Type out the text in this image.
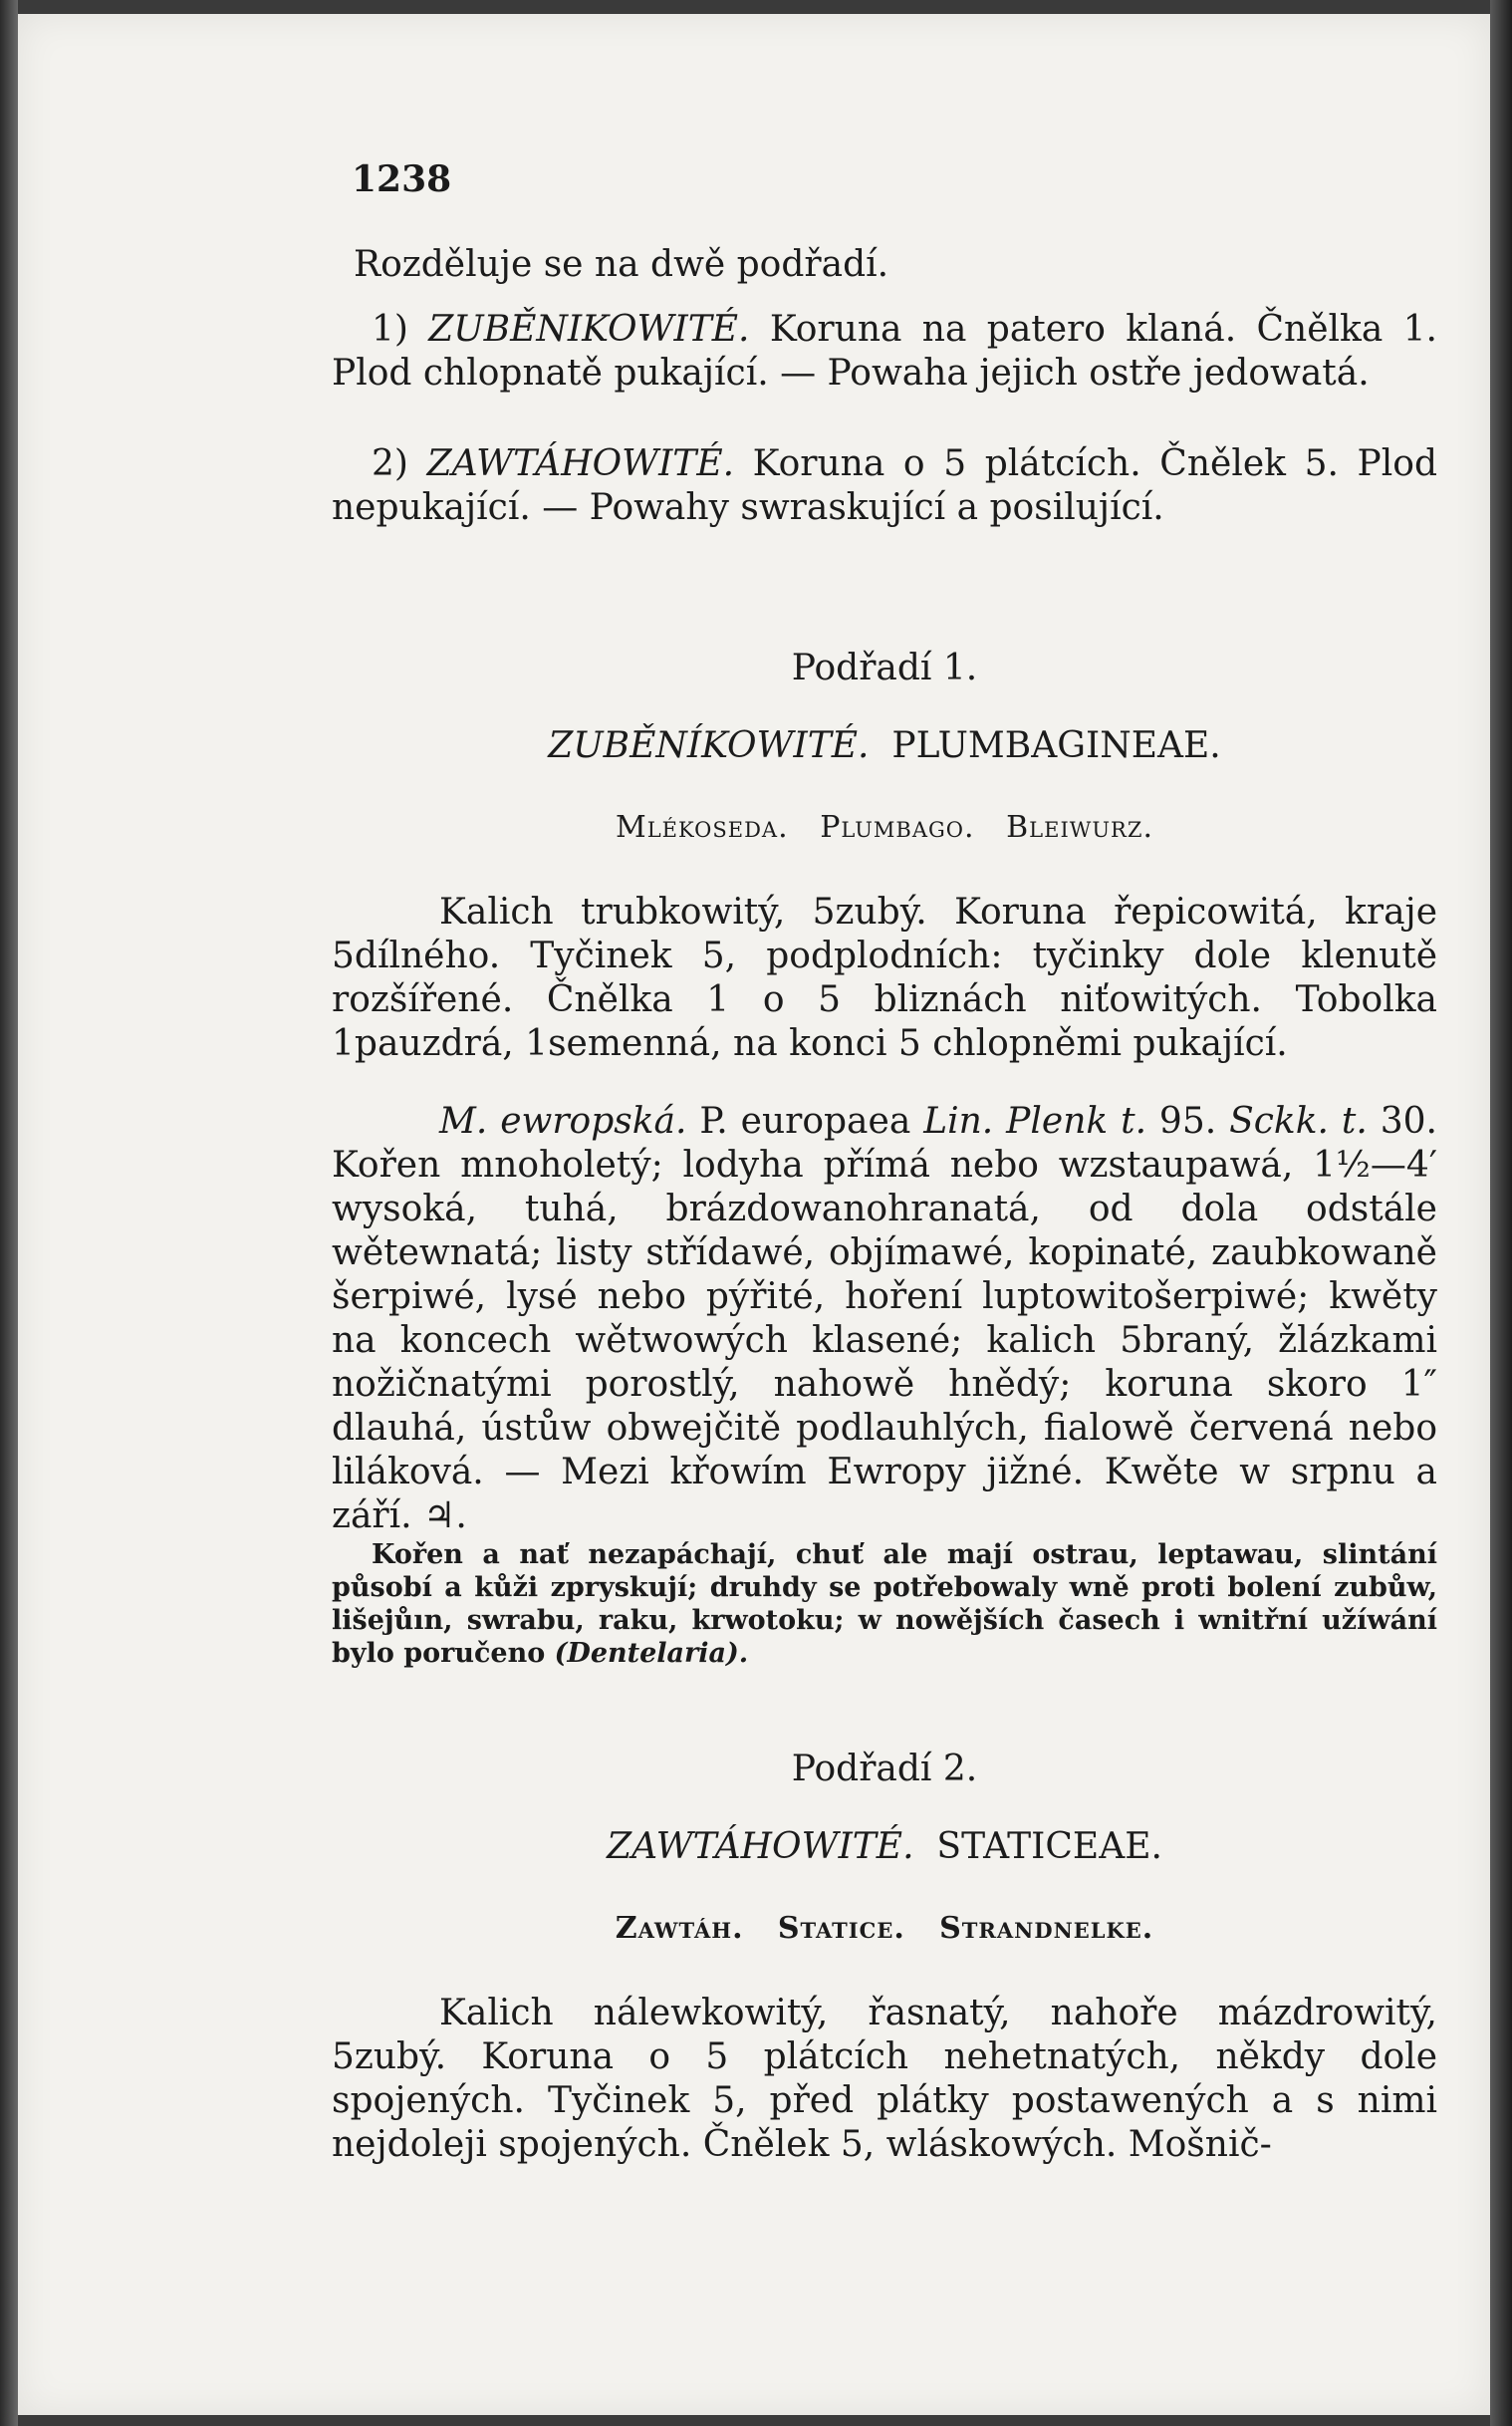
1238

Rozděluje se na dwě podřadí.

1) ZUBĚNIKOWITÉ. Koruna na patero klaná. Čnělka 1. Plod chlopnatě pukající. — Powaha jejich ostře jedowatá.

2) ZAWTÁHOWITÉ. Koruna o 5 plátcích. Čnělek 5. Plod nepukající. — Powahy swraskující a posilující.

Podřadí 1.

ZUBĚNÍKOWITÉ. PLUMBAGINEAE.

Mlékoseda. Plumbago. Bleiwurz.

Kalich trubkowitý, 5zubý. Koruna řepicowitá, kraje 5dílného. Tyčinek 5, podplodních: tyčinky dole klenutě rozšířené. Čnělka 1 o 5 bliznách niťowitých. Tobolka 1pauzdrá, 1semenná, na konci 5 chlopněmi pukající.

M. ewropská. P. europaea Lin. Plenk t. 95. Sckk. t. 30. Kořen mnoholetý; lodyha přímá nebo wzstaupawá, 1½—4′ wysoká, tuhá, brázdowanohranatá, od dola odstále wětewnatá; listy střídawé, objímawé, kopinaté, zaubkowaně šerpiwé, lysé nebo pýřité, hoření luptowitošerpiwé; kwěty na koncech wětwowých klasené; kalich 5braný, žlázkami nožičnatými porostlý, nahowě hnědý; koruna skoro 1″ dlauhá, ústůw obwejčitě podlauhlých, fialowě červená nebo liláková. — Mezi křowím Ewropy jižné. Kwěte w srpnu a září. ♃.

Kořen a nať nezapáchají, chuť ale mají ostrau, leptawau, slintání působí a kůži zpryskují; druhdy se potřebowaly wně proti bolení zubůw, lišejůın, swrabu, raku, krwotoku; w nowějších časech i wnitřní užíwání bylo poručeno (Dentelaria).

Podřadí 2.

ZAWTÁHOWITÉ. STATICEAE.

Zawtáh. Statice. Strandnelke.

Kalich nálewkowitý, řasnatý, nahoře mázdrowitý, 5zubý. Koruna o 5 plátcích nehetnatých, někdy dole spojených. Tyčinek 5, před plátky postawených a s nimi nejdoleji spojených. Čnělek 5, wláskowých. Mošnič-
